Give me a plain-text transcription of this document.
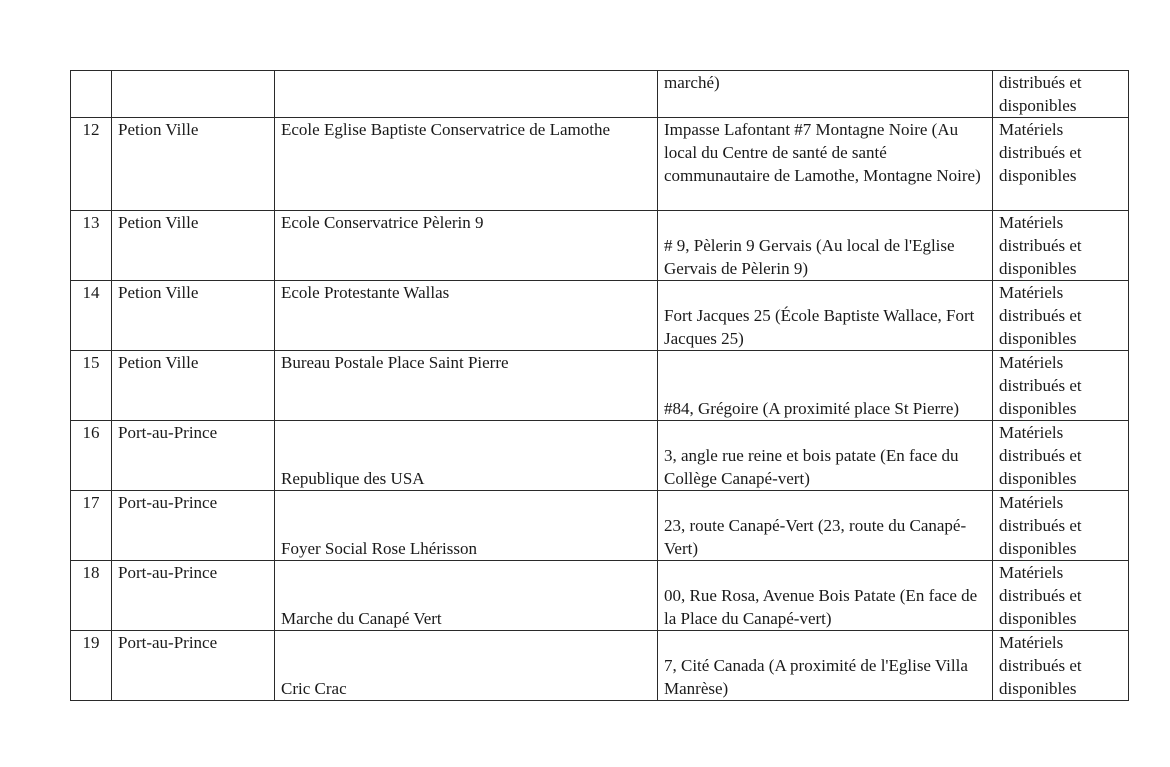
			marché)	distribués et disponibles
12	Petion Ville	Ecole Eglise Baptiste Conservatrice de Lamothe	Impasse Lafontant #7 Montagne Noire (Au local du Centre de santé de santé communautaire de Lamothe, Montagne Noire)	Matériels distribués et disponibles
13	Petion Ville	Ecole Conservatrice Pèlerin 9	# 9, Pèlerin 9 Gervais (Au local de l'Eglise Gervais de Pèlerin 9)	Matériels distribués et disponibles
14	Petion Ville	Ecole Protestante Wallas	Fort Jacques 25 (École Baptiste Wallace, Fort Jacques 25)	Matériels distribués et disponibles
15	Petion Ville	Bureau Postale Place Saint Pierre	#84, Grégoire (A proximité place St Pierre)	Matériels distribués et disponibles
16	Port-au-Prince	Republique des USA	3, angle rue reine et bois patate (En face du Collège Canapé-vert)	Matériels distribués et disponibles
17	Port-au-Prince	Foyer Social Rose Lhérisson	23, route Canapé-Vert (23, route du Canapé-Vert)	Matériels distribués et disponibles
18	Port-au-Prince	Marche du Canapé Vert	00, Rue Rosa, Avenue Bois Patate (En face de la Place du Canapé-vert)	Matériels distribués et disponibles
19	Port-au-Prince	Cric Crac	7, Cité Canada (A proximité de l'Eglise Villa Manrèse)	Matériels distribués et disponibles
